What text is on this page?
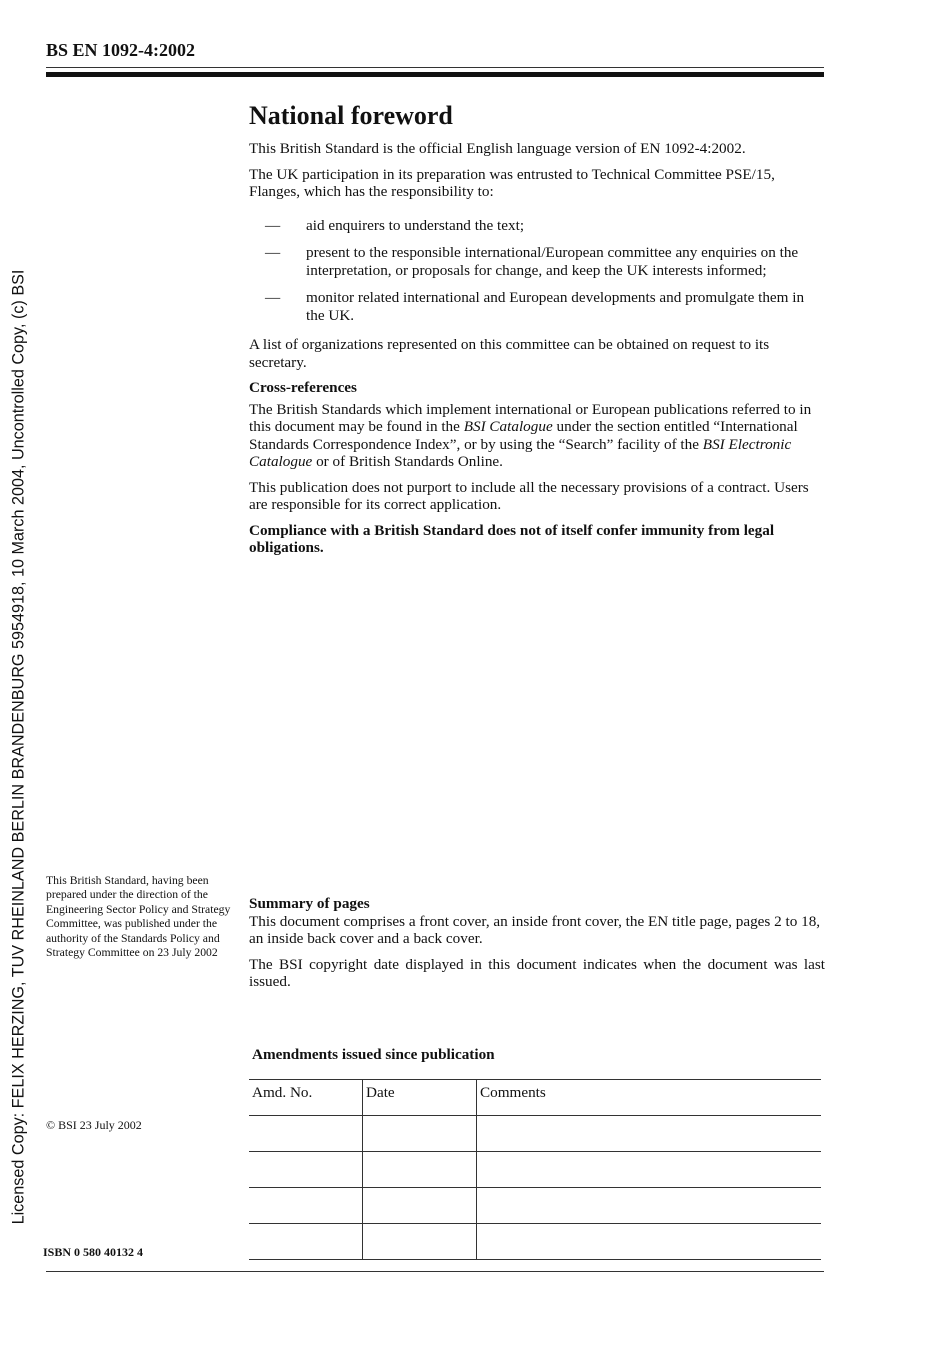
BS EN 1092-4:2002
Licensed Copy: FELIX HERZING, TUV RHEINLAND BERLIN BRANDENBURG 5954918, 10 March 2004, Uncontrolled Copy, (c) BSI
National foreword

This British Standard is the official English language version of EN 1092-4:2002.

The UK participation in its preparation was entrusted to Technical Committee PSE/15, Flanges, which has the responsibility to:

— aid enquirers to understand the text;
— present to the responsible international/European committee any enquiries on the interpretation, or proposals for change, and keep the UK interests informed;
— monitor related international and European developments and promulgate them in the UK.

A list of organizations represented on this committee can be obtained on request to its secretary.

Cross-references

The British Standards which implement international or European publications referred to in this document may be found in the BSI Catalogue under the section entitled “International Standards Correspondence Index”, or by using the “Search” facility of the BSI Electronic Catalogue or of British Standards Online.

This publication does not purport to include all the necessary provisions of a contract. Users are responsible for its correct application.

Compliance with a British Standard does not of itself confer immunity from legal obligations.

This British Standard, having been prepared under the direction of the Engineering Sector Policy and Strategy Committee, was published under the authority of the Standards Policy and Strategy Committee on 23 July 2002
Summary of pages

This document comprises a front cover, an inside front cover, the EN title page, pages 2 to 18, an inside back cover and a back cover.

The BSI copyright date displayed in this document indicates when the document was last issued.

Amendments issued since publication
Amd. No.	Date	Comments

© BSI 23 July 2002
ISBN 0 580 40132 4
